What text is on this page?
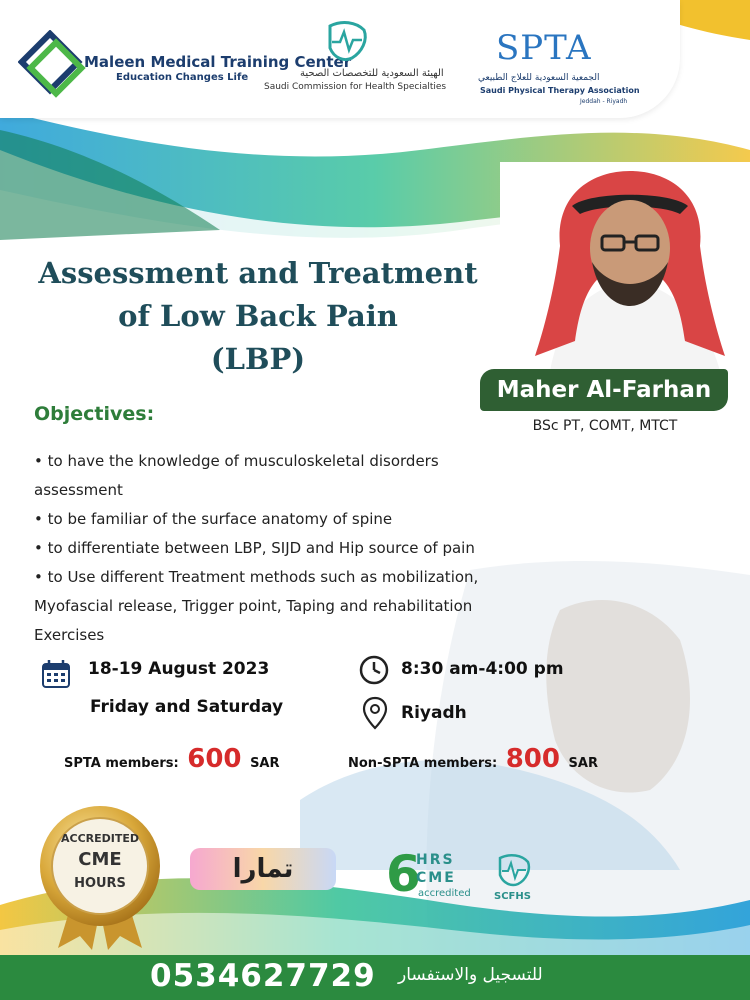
Maleen Medical Training Center
Education Changes Life	الهيئة السعودية للتخصصات الصحية
Saudi Commission for Health Specialties
SPTA
الجمعية السعودية للعلاج الطبيعي
Saudi Physical Therapy Association
Jeddah - Riyadh
Assessment and Treatment
of Low Back Pain
(LBP)
Maher Al-Farhan
BSc PT, COMT, MTCT
Objectives:
• to have the knowledge of musculoskeletal disorders
assessment
• to be familiar of the surface anatomy of spine
• to differentiate between LBP, SIJD and Hip source of pain
• to Use different Treatment methods such as mobilization,
Myofascial release, Trigger point, Taping and rehabilitation
Exercises
18-19 August 2023
Friday and Saturday
8:30 am-4:00 pm
Riyadh
SPTA members: 600 SAR	Non-SPTA members: 800 SAR
ACCREDITED
CME
HOURS	تمارا	6
HRS
CME
accredited SCFHS
0534627729 للتسجيل والاستفسار
